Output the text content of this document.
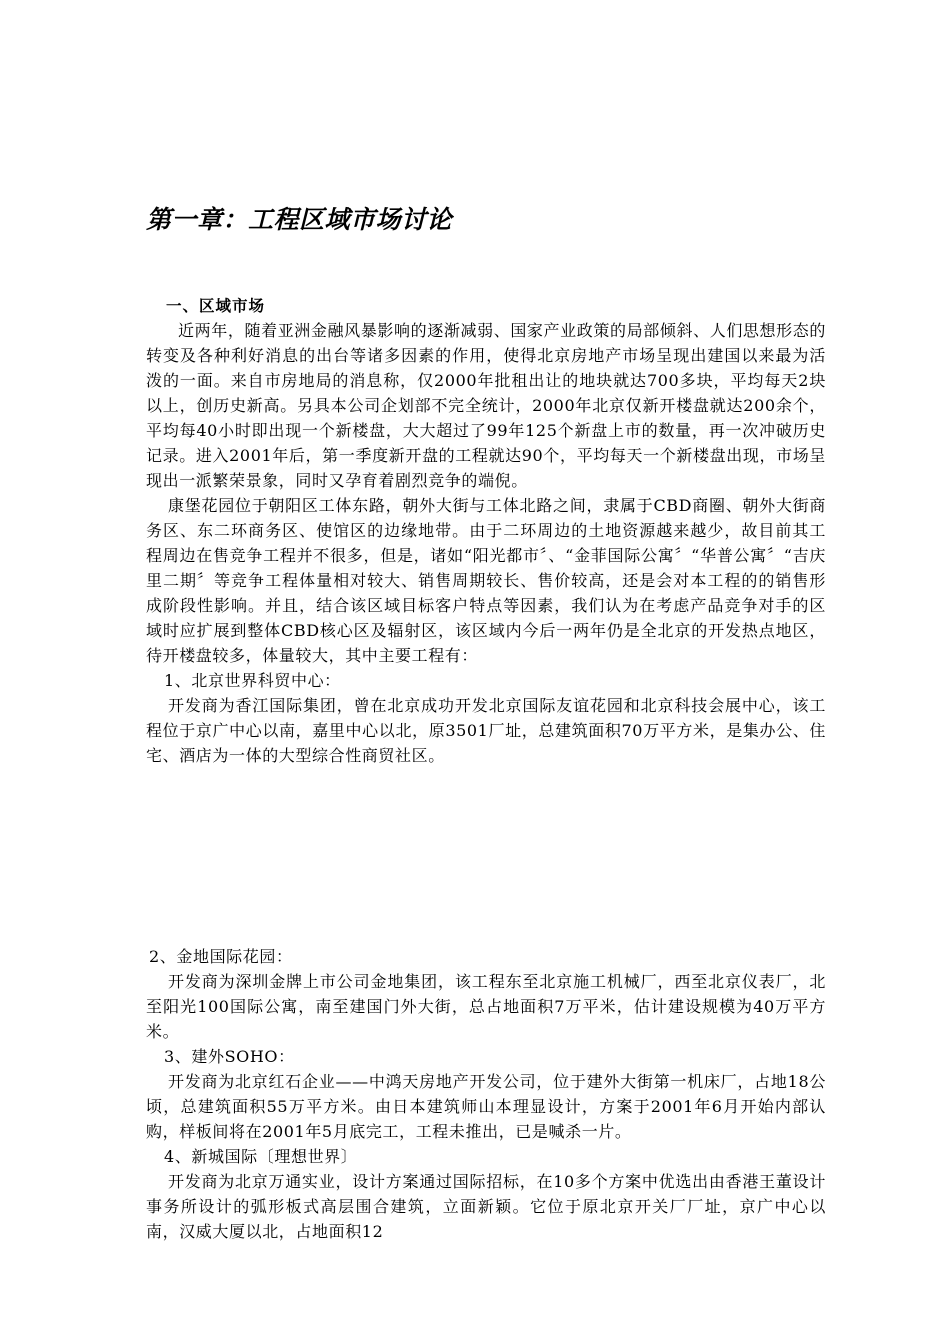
第一章：工程区域市场讨论
一、区域市场

近两年，随着亚洲金融风暴影响的逐渐减弱、国家产业政策的局部倾斜、人们思想形态的转变及各种利好消息的出台等诸多因素的作用，使得北京房地产市场呈现出建国以来最为活泼的一面。来自市房地局的消息称，仅2000年批租出让的地块就达700多块，平均每天2块以上，创历史新高。另具本公司企划部不完全统计，2000年北京仅新开楼盘就达200余个，平均每40小时即出现一个新楼盘，大大超过了99年125个新盘上市的数量，再一次冲破历史记录。进入2001年后，第一季度新开盘的工程就达90个，平均每天一个新楼盘出现，市场呈现出一派繁荣景象，同时又孕育着剧烈竞争的端倪。

康堡花园位于朝阳区工体东路，朝外大街与工体北路之间，隶属于CBD商圈、朝外大街商务区、东二环商务区、使馆区的边缘地带。由于二环周边的土地资源越来越少，故目前其工程周边在售竞争工程并不很多，但是，诸如“阳光都市〞、“金菲国际公寓〞“华普公寓〞“吉庆里二期〞等竞争工程体量相对较大、销售周期较长、售价较高，还是会对本工程的的销售形成阶段性影响。并且，结合该区域目标客户特点等因素，我们认为在考虑产品竞争对手的区域时应扩展到整体CBD核心区及辐射区，该区域内今后一两年仍是全北京的开发热点地区，待开楼盘较多，体量较大，其中主要工程有：

1、北京世界科贸中心：

开发商为香江国际集团，曾在北京成功开发北京国际友谊花园和北京科技会展中心，该工程位于京广中心以南，嘉里中心以北，原3501厂址，总建筑面积70万平方米，是集办公、住宅、酒店为一体的大型综合性商贸社区。

2、金地国际花园：

开发商为深圳金牌上市公司金地集团，该工程东至北京施工机械厂，西至北京仪表厂，北至阳光100国际公寓，南至建国门外大街，总占地面积7万平米，估计建设规模为40万平方米。

3、建外SOHO：

开发商为北京红石企业——中鸿天房地产开发公司，位于建外大街第一机床厂，占地18公顷，总建筑面积55万平方米。由日本建筑师山本理显设计，方案于2001年6月开始内部认购，样板间将在2001年5月底完工，工程未推出，已是喊杀一片。

4、新城国际〔理想世界〕

开发商为北京万通实业，设计方案通过国际招标，在10多个方案中优选出由香港王董设计事务所设计的弧形板式高层围合建筑，立面新颖。它位于原北京开关厂厂址，京广中心以南，汉威大厦以北，占地面积12
